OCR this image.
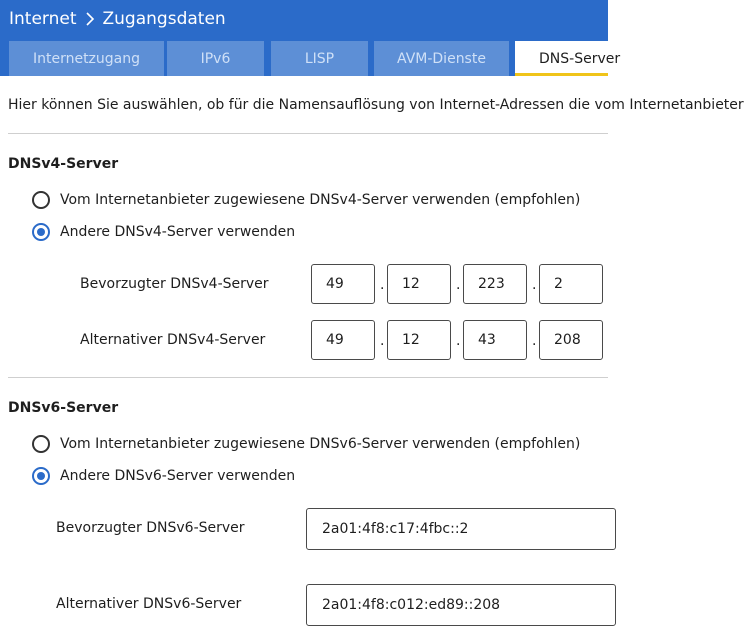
Internet Zugangsdaten
Internetzugang	IPv6	LISP	AVM-Dienste	DNS-Server
Hier können Sie auswählen, ob für die Namensauflösung von Internet-Adressen die vom Internetanbieter
DNSv4-Server
Vom Internetanbieter zugewiesene DNSv4-Server verwenden (empfohlen)
Andere DNSv4-Server verwenden
Bevorzugter DNSv4-Server	49	.	12	.	223	.	2
Alternativer DNSv4-Server	49	.	12	.	43	.	208
DNSv6-Server
Vom Internetanbieter zugewiesene DNSv6-Server verwenden (empfohlen)
Andere DNSv6-Server verwenden
Bevorzugter DNSv6-Server	2a01:4f8:c17:4fbc::2
Alternativer DNSv6-Server	2a01:4f8:c012:ed89::208
